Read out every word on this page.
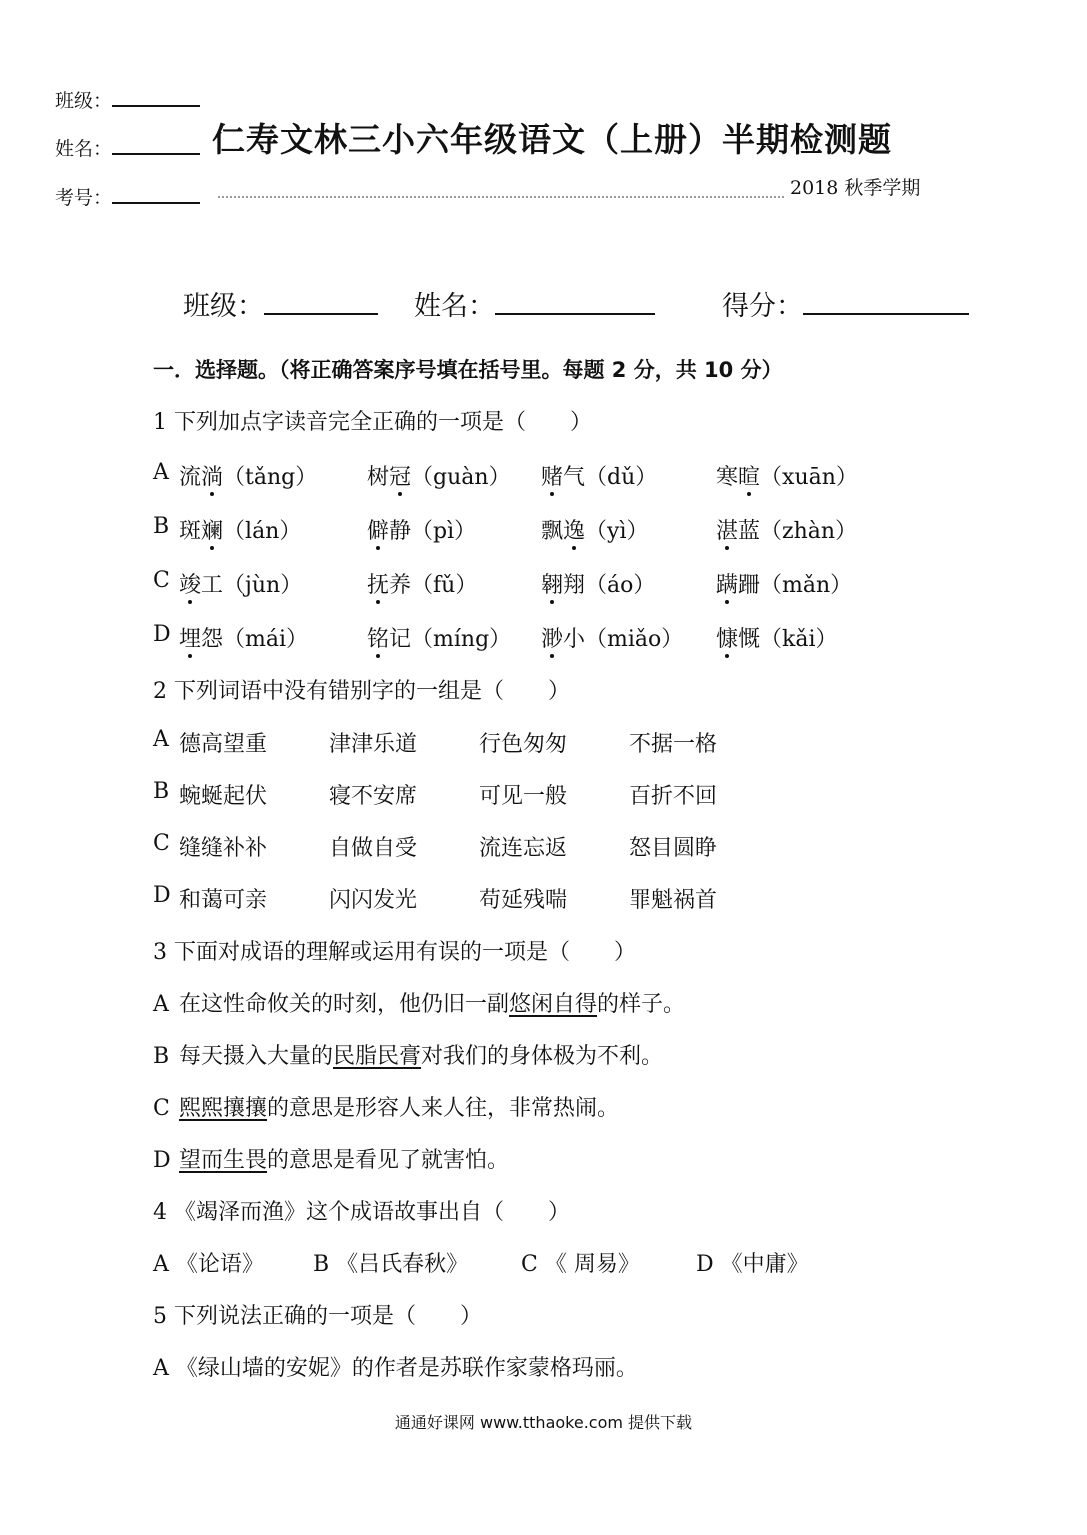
班级：
姓名：	仁寿文林三小六年级语文（上册）半期检测题
考号：	2018 秋季学期
班级：	姓名：	得分：
一．选择题。（将正确答案序号填在括号里。每题 2 分，共 10 分）
1 下列加点字读音完全正确的一项是（　　）
A 流淌（tǎng） 树冠（guàn） 赌气（dǔ）	寒暄（xuān）
B 斑斓（lán）	僻静（pì）	飘逸（yì）	湛蓝（zhàn）
C 竣工（jùn）	抚养（fǔ）	翱翔（áo）	蹒跚（mǎn）
D 埋怨（mái）	铭记（míng） 渺小（miǎo） 慷慨（kǎi）
2 下列词语中没有错别字的一组是（　　）
A 德高望重	津津乐道	行色匆匆	不据一格
B 蜿蜒起伏	寝不安席	可见一般	百折不回
C 缝缝补补	自做自受	流连忘返	怒目圆睁
D 和蔼可亲	闪闪发光	苟延残喘	罪魁祸首
3 下面对成语的理解或运用有误的一项是（　　）
A 在这性命攸关的时刻，他仍旧一副悠闲自得的样子。
B 每天摄入大量的民脂民膏对我们的身体极为不利。
C 熙熙攘攘的意思是形容人来人往，非常热闹。
D 望而生畏的意思是看见了就害怕。
4 《竭泽而渔》这个成语故事出自（　　）
A 《论语》 B 《吕氏春秋》 C 《 周易》	D 《中庸》
5 下列说法正确的一项是（　　）
A 《绿山墙的安妮》的作者是苏联作家蒙格玛丽。
通通好课网 www.tthaoke.com 提供下载
